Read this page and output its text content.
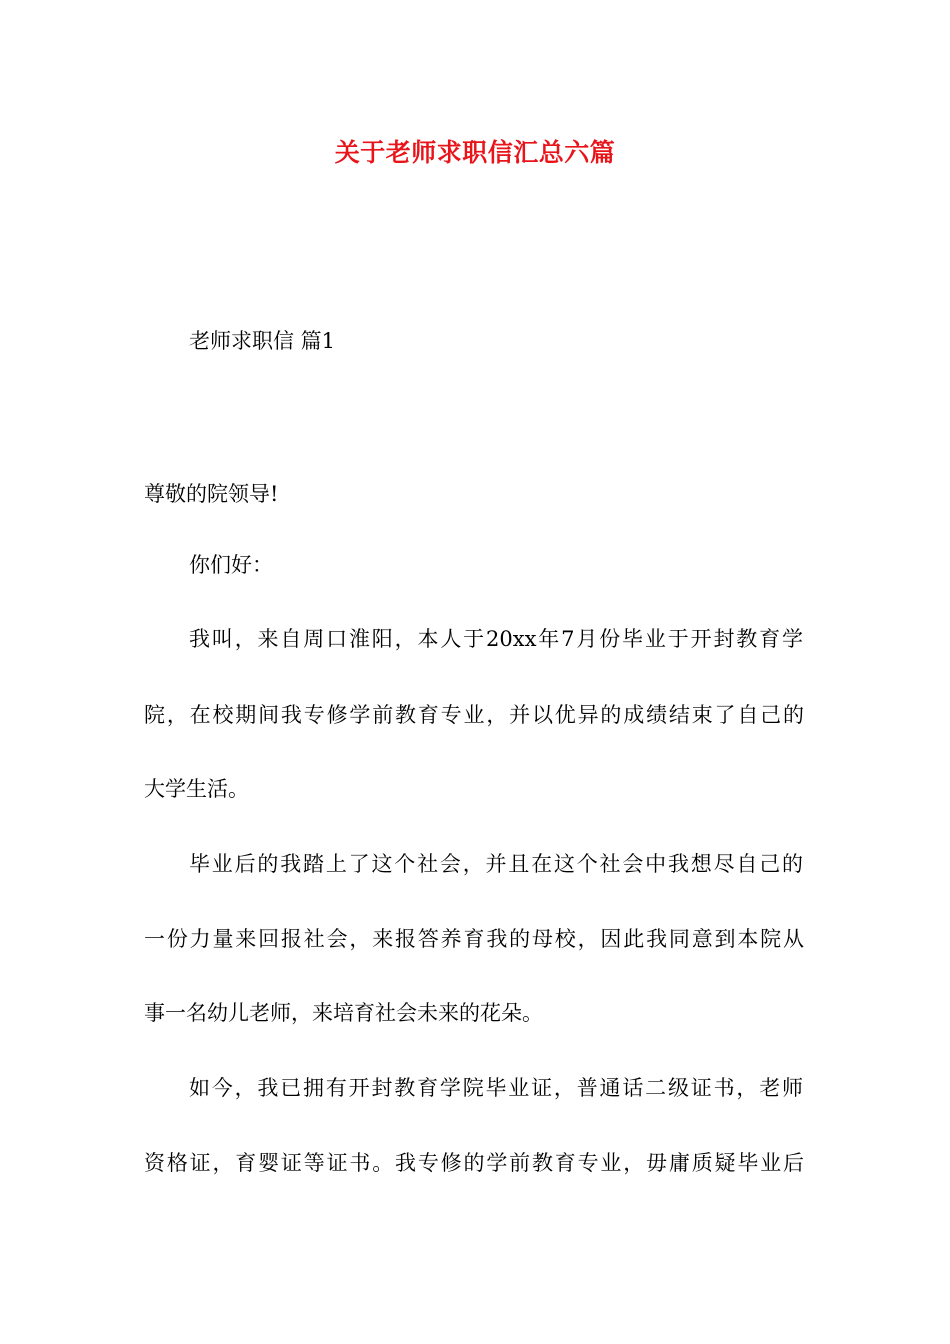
关于老师求职信汇总六篇
老师求职信 篇1
尊敬的院领导!
你们好：
我叫，来自周口淮阳，本人于20xx年7月份毕业于开封教育学
院，在校期间我专修学前教育专业，并以优异的成绩结束了自己的
大学生活。
毕业后的我踏上了这个社会，并且在这个社会中我想尽自己的
一份力量来回报社会，来报答养育我的母校，因此我同意到本院从
事一名幼儿老师，来培育社会未来的花朵。
如今，我已拥有开封教育学院毕业证，普通话二级证书，老师
资格证，育婴证等证书。我专修的学前教育专业，毋庸质疑毕业后
